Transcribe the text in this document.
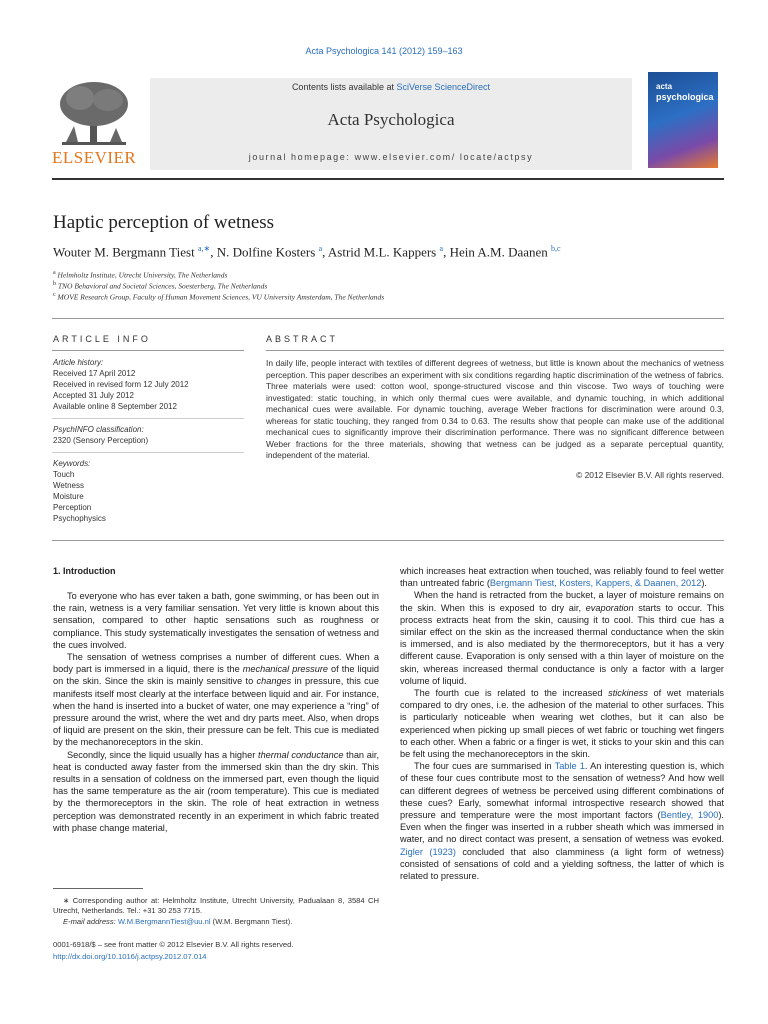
Acta Psychologica 141 (2012) 159–163
ELSEVIER
Contents lists available at SciVerse ScienceDirect
Acta Psychologica
journal homepage: www.elsevier.com/ locate/actpsy
acta
psychologica
Haptic perception of wetness
Wouter M. Bergmann Tiest $^{a,∗}$, N. Dolfine Kosters $^a$, Astrid M.L. Kappers $^a$, Hein A.M. Daanen $^{b,c}$
$^a$ Helmholtz Institute, Utrecht University, The Netherlands
$^b$ TNO Behavioral and Societal Sciences, Soesterberg, The Netherlands
$^c$ MOVE Research Group, Faculty of Human Movement Sciences, VU University Amsterdam, The Netherlands
ARTICLE INFO	ABSTRACT
Article history:
Received 17 April 2012
Received in revised form 12 July 2012
Accepted 31 July 2012
Available online 8 September 2012
PsychINFO classification:
2320 (Sensory Perception)
Keywords:
Touch
Wetness
Moisture
Perception
Psychophysics
In daily life, people interact with textiles of different degrees of wetness, but little is known about the mechanics of wetness perception. This paper describes an experiment with six conditions regarding haptic discrimination of the wetness of fabrics. Three materials were used: cotton wool, sponge-structured viscose and thin viscose. Two ways of touching were investigated: static touching, in which only thermal cues were available, and dynamic touching, in which additional mechanical cues were available. For dynamic touching, average Weber fractions for discrimination were around 0.3, whereas for static touching, they ranged from 0.34 to 0.63. The results show that people can make use of the additional mechanical cues to significantly improve their discrimination performance. There was no significant difference between Weber fractions for the three materials, showing that wetness can be judged as a separate perceptual quantity, independent of the material.
© 2012 Elsevier B.V. All rights reserved.
1. Introduction

To everyone who has ever taken a bath, gone swimming, or has been out in the rain, wetness is a very familiar sensation. Yet very little is known about this sensation, compared to other haptic sensations such as roughness or compliance. This study systematically investigates the sensation of wetness and the cues involved.

The sensation of wetness comprises a number of different cues. When a body part is immersed in a liquid, there is the mechanical pressure of the liquid on the skin. Since the skin is mainly sensitive to changes in pressure, this cue manifests itself most clearly at the interface between liquid and air. For instance, when the hand is inserted into a bucket of water, one may experience a “ring” of pressure around the wrist, where the wet and dry parts meet. Also, when drops of liquid are present on the skin, their pressure can be felt. This cue is mediated by the mechanoreceptors in the skin.

Secondly, since the liquid usually has a higher thermal conductance than air, heat is conducted away faster from the immersed skin than the dry skin. This results in a sensation of coldness on the immersed part, even though the liquid has the same temperature as the air (room temperature). This cue is mediated by the thermoreceptors in the skin. The role of heat extraction in wetness perception was demonstrated recently in an experiment in which fabric treated with phase change material,

which increases heat extraction when touched, was reliably found to feel wetter than untreated fabric (Bergmann Tiest, Kosters, Kappers, & Daanen, 2012).

When the hand is retracted from the bucket, a layer of moisture remains on the skin. When this is exposed to dry air, evaporation starts to occur. This process extracts heat from the skin, causing it to cool. This third cue has a similar effect on the skin as the increased thermal conductance when the skin is immersed, and is also mediated by the thermoreceptors, but it has a very different cause. Evaporation is only sensed with a thin layer of moisture on the skin, whereas increased thermal conductance is only a factor with a larger volume of liquid.

The fourth cue is related to the increased stickiness of wet materials compared to dry ones, i.e. the adhesion of the material to other surfaces. This is particularly noticeable when wearing wet clothes, but it can also be experienced when picking up small pieces of wet fabric or touching wet fingers to each other. When a fabric or a finger is wet, it sticks to your skin and this can be felt using the mechanoreceptors in the skin.

The four cues are summarised in Table 1. An interesting question is, which of these four cues contribute most to the sensation of wetness? And how well can different degrees of wetness be perceived using different combinations of these cues? Early, somewhat informal introspective research showed that pressure and temperature were the most important factors (Bentley, 1900). Even when the finger was inserted in a rubber sheath which was immersed in water, and no direct contact was present, a sensation of wetness was evoked. Zigler (1923) concluded that also clamminess (a light form of wetness) consisted of sensations of cold and a yielding softness, the latter of which is related to pressure.

∗ Corresponding author at: Helmholtz Institute, Utrecht University, Padualaan 8, 3584 CH Utrecht, Netherlands. Tel.: +31 30 253 7715.

E-mail address: W.M.BergmannTiest@uu.nl (W.M. Bergmann Tiest).

0001-6918/$ – see front matter © 2012 Elsevier B.V. All rights reserved.
http://dx.doi.org/10.1016/j.actpsy.2012.07.014
